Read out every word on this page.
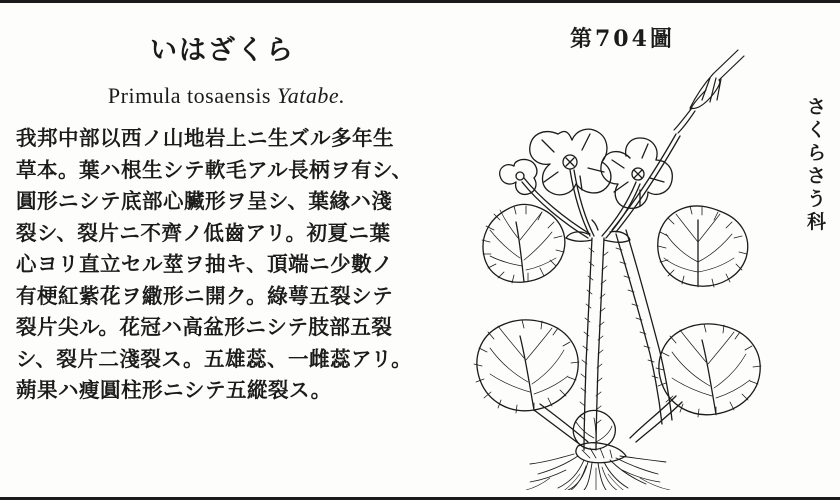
第704圖
いはざくら
Primula tosaensis Yatabe.
我邦中部以西ノ山地岩上ニ生ズル多年生
草本。葉ハ根生シテ軟毛アル長柄ヲ有シ、
圓形ニシテ底部心臟形ヲ呈シ、葉緣ハ淺
裂シ、裂片ニ不齊ノ低齒アリ。初夏ニ葉
心ヨリ直立セル莖ヲ抽キ、頂端ニ少數ノ
有梗紅紫花ヲ繖形ニ開ク。綠萼五裂シテ
裂片尖ル。花冠ハ高盆形ニシテ肢部五裂
シ、裂片二淺裂ス。五雄蕊、一雌蕊アリ。
蒴果ハ瘦圓柱形ニシテ五縱裂ス。
さ
く
ら
さ
う
科
